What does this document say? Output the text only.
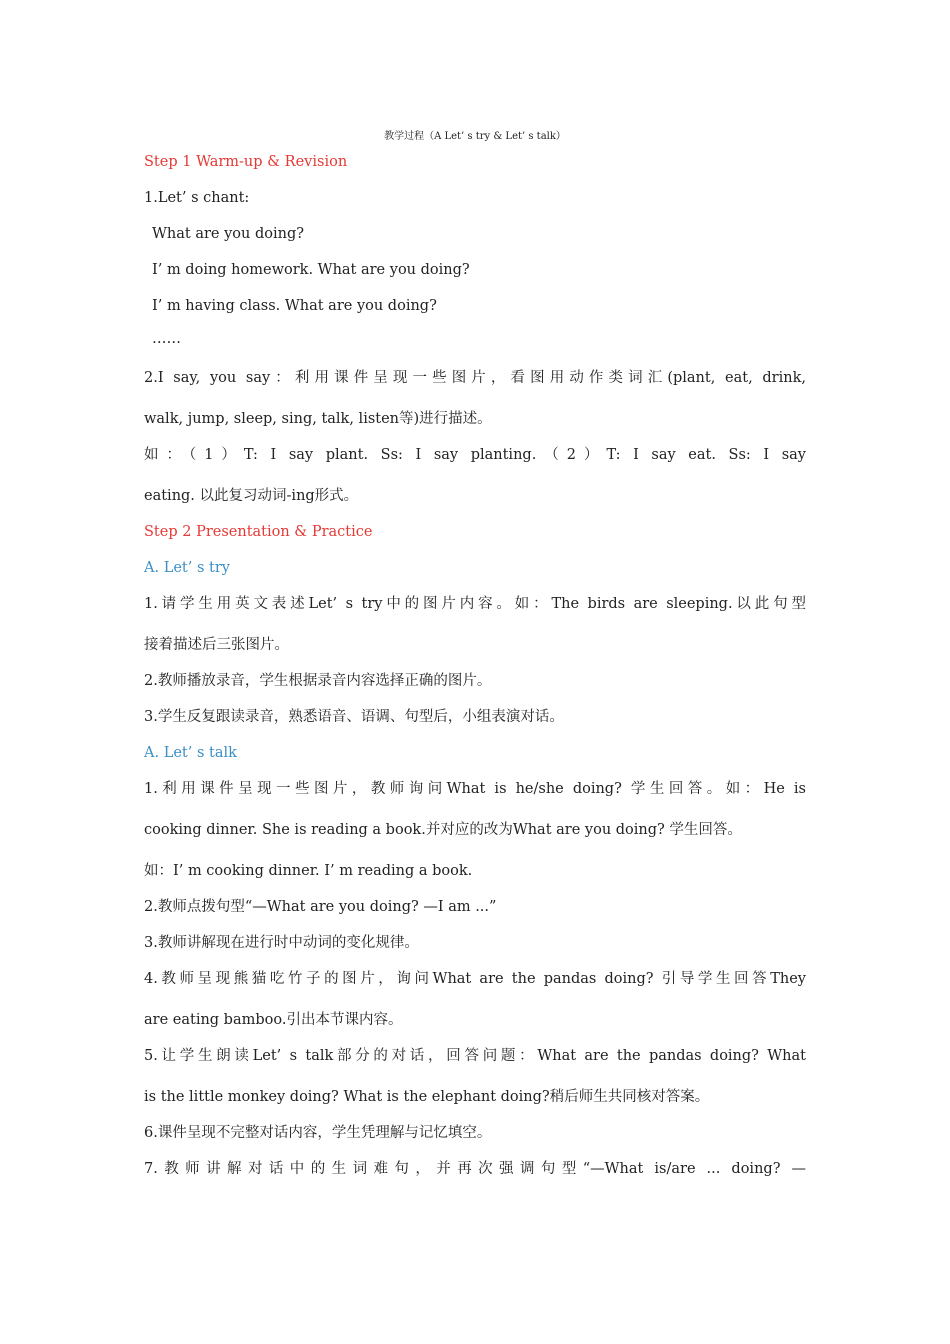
教学过程（A Let’ s try & Let’ s talk）
Step 1 Warm-up & Revision
1.Let’ s chant:
What are you doing?
I’ m doing homework. What are you doing?
I’ m having class. What are you doing?
……
2.I say, you say：利用课件呈现一些图片，看图用动作类词汇(plant, eat, drink,
walk, jump, sleep, sing, talk, listen等)进行描述。
如：（1）T: I say plant. Ss: I say planting.（2）T: I say eat. Ss: I say
eating. 以此复习动词-ing形式。
Step 2 Presentation & Practice
A. Let’ s try
1.请学生用英文表述Let’ s try中的图片内容。如：The birds are sleeping.以此句型
接着描述后三张图片。
2.教师播放录音，学生根据录音内容选择正确的图片。
3.学生反复跟读录音，熟悉语音、语调、句型后，小组表演对话。
A. Let’ s talk
1.利用课件呈现一些图片，教师询问What is he/she doing? 学生回答。如：He is
cooking dinner. She is reading a book.并对应的改为What are you doing? 学生回答。
如：I’ m cooking dinner. I’ m reading a book.
2.教师点拨句型“—What are you doing? —I am ...”
3.教师讲解现在进行时中动词的变化规律。
4.教师呈现熊猫吃竹子的图片，询问What are the pandas doing? 引导学生回答They
are eating bamboo.引出本节课内容。
5.让学生朗读Let’ s talk部分的对话，回答问题：What are the pandas doing? What
is the little monkey doing? What is the elephant doing?稍后师生共同核对答案。
6.课件呈现不完整对话内容，学生凭理解与记忆填空。
7.教师讲解对话中的生词难句，并再次强调句型“—What is/are ... doing? —
